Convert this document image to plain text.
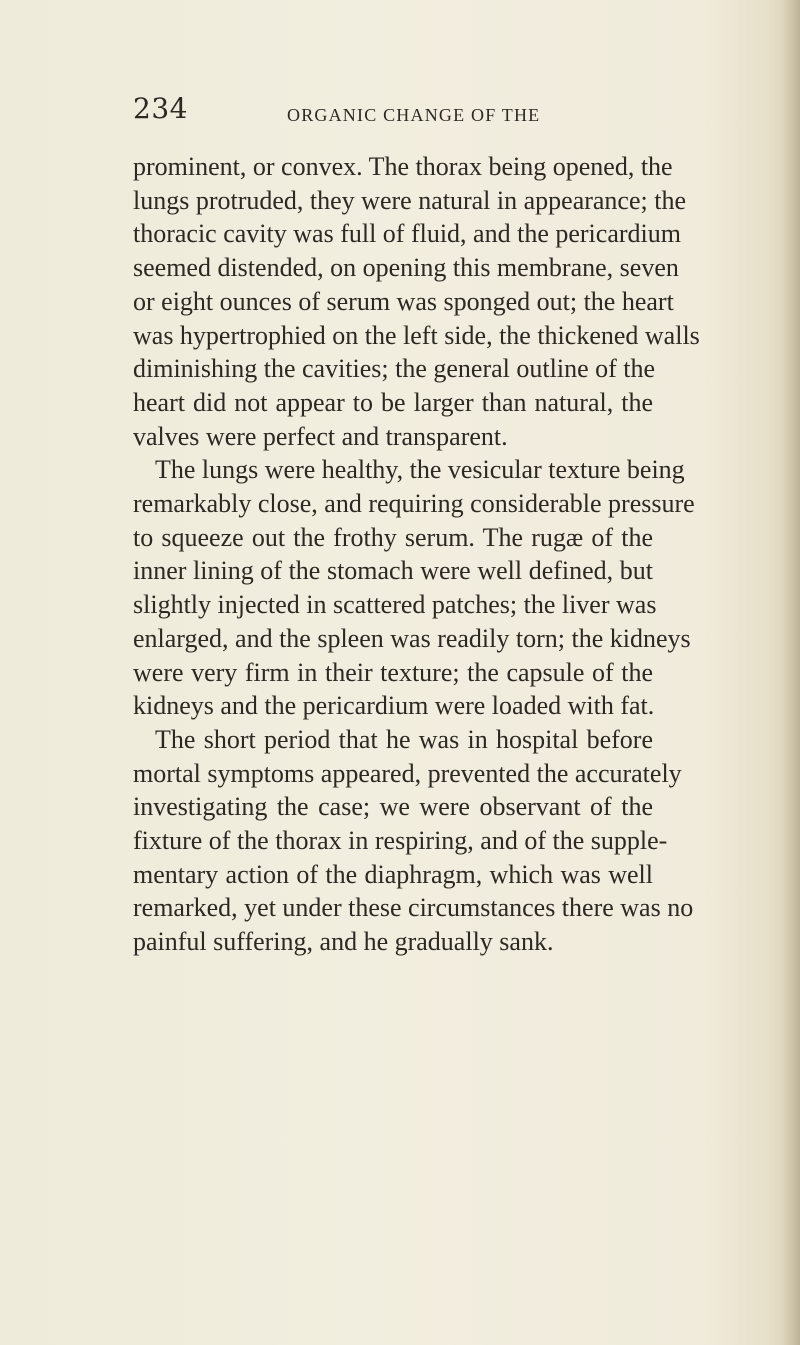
234	ORGANIC CHANGE OF THE
prominent, or convex. The thorax being opened, the
lungs protruded, they were natural in appearance; the
thoracic cavity was full of fluid, and the pericardium
seemed distended, on opening this membrane, seven
or eight ounces of serum was sponged out; the heart
was hypertrophied on the left side, the thickened walls
diminishing the cavities; the general outline of the
heart did not appear to be larger than natural, the
valves were perfect and transparent.
The lungs were healthy, the vesicular texture being
remarkably close, and requiring considerable pressure
to squeeze out the frothy serum. The rugæ of the
inner lining of the stomach were well defined, but
slightly injected in scattered patches; the liver was
enlarged, and the spleen was readily torn; the kidneys
were very firm in their texture; the capsule of the
kidneys and the pericardium were loaded with fat.
The short period that he was in hospital before
mortal symptoms appeared, prevented the accurately
investigating the case; we were observant of the
fixture of the thorax in respiring, and of the supple-
mentary action of the diaphragm, which was well
remarked, yet under these circumstances there was no
painful suffering, and he gradually sank.
